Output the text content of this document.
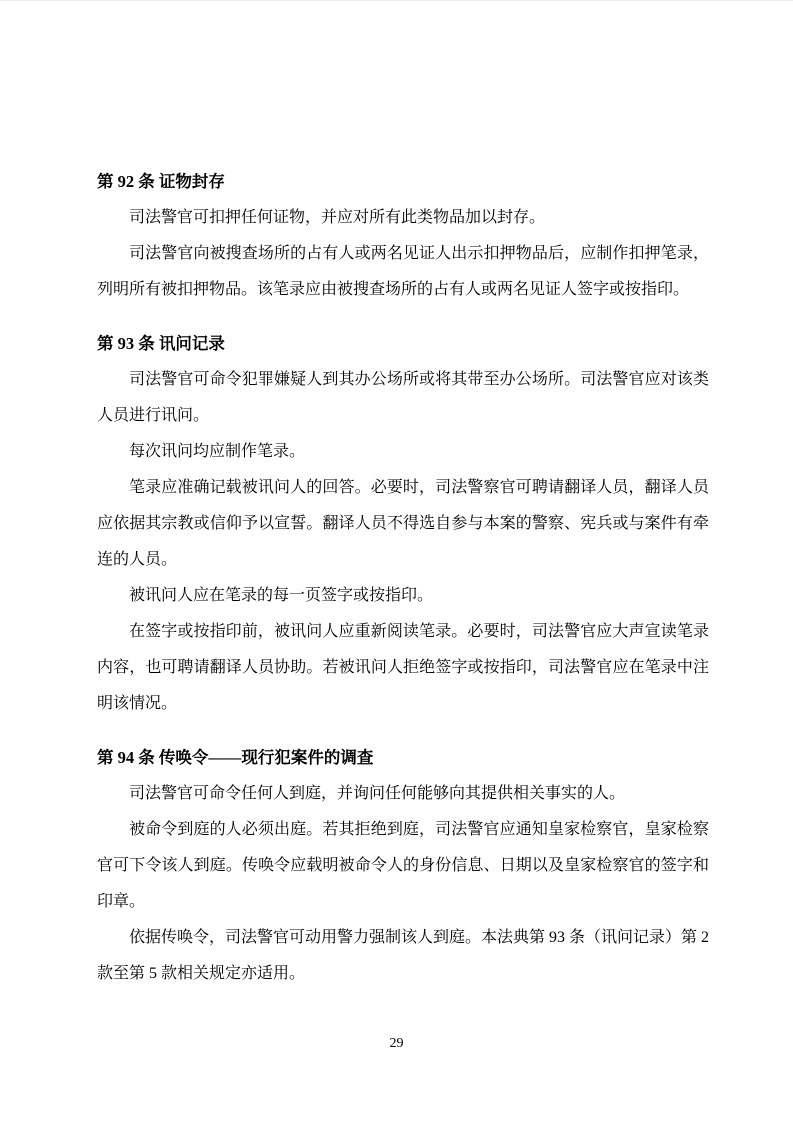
第 92 条 证物封存

司法警官可扣押任何证物，并应对所有此类物品加以封存。

司法警官向被搜查场所的占有人或两名见证人出示扣押物品后，应制作扣押笔录，列明所有被扣押物品。该笔录应由被搜查场所的占有人或两名见证人签字或按指印。

第 93 条 讯问记录

司法警官可命令犯罪嫌疑人到其办公场所或将其带至办公场所。司法警官应对该类人员进行讯问。

每次讯问均应制作笔录。

笔录应准确记载被讯问人的回答。必要时，司法警察官可聘请翻译人员，翻译人员应依据其宗教或信仰予以宣誓。翻译人员不得选自参与本案的警察、宪兵或与案件有牵连的人员。

被讯问人应在笔录的每一页签字或按指印。

在签字或按指印前，被讯问人应重新阅读笔录。必要时，司法警官应大声宣读笔录内容，也可聘请翻译人员协助。若被讯问人拒绝签字或按指印，司法警官应在笔录中注明该情况。

第 94 条 传唤令——现行犯案件的调查

司法警官可命令任何人到庭，并询问任何能够向其提供相关事实的人。

被命令到庭的人必须出庭。若其拒绝到庭，司法警官应通知皇家检察官，皇家检察官可下令该人到庭。传唤令应载明被命令人的身份信息、日期以及皇家检察官的签字和印章。

依据传唤令，司法警官可动用警力强制该人到庭。本法典第 93 条（讯问记录）第 2 款至第 5 款相关规定亦适用。

29
